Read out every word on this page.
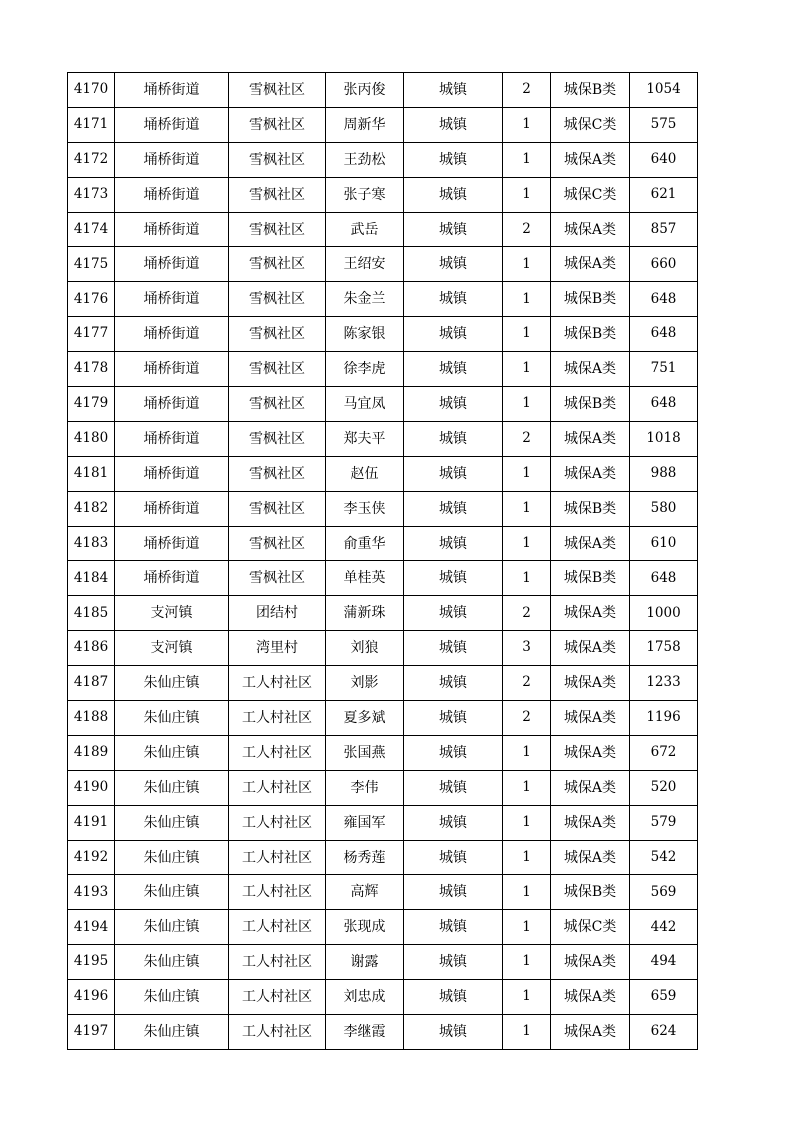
4170	埇桥街道	雪枫社区	张丙俊	城镇	2	城保B类	1054
4171	埇桥街道	雪枫社区	周新华	城镇	1	城保C类	575
4172	埇桥街道	雪枫社区	王劲松	城镇	1	城保A类	640
4173	埇桥街道	雪枫社区	张子寒	城镇	1	城保C类	621
4174	埇桥街道	雪枫社区	武岳	城镇	2	城保A类	857
4175	埇桥街道	雪枫社区	王绍安	城镇	1	城保A类	660
4176	埇桥街道	雪枫社区	朱金兰	城镇	1	城保B类	648
4177	埇桥街道	雪枫社区	陈家银	城镇	1	城保B类	648
4178	埇桥街道	雪枫社区	徐李虎	城镇	1	城保A类	751
4179	埇桥街道	雪枫社区	马宜凤	城镇	1	城保B类	648
4180	埇桥街道	雪枫社区	郑夫平	城镇	2	城保A类	1018
4181	埇桥街道	雪枫社区	赵伍	城镇	1	城保A类	988
4182	埇桥街道	雪枫社区	李玉侠	城镇	1	城保B类	580
4183	埇桥街道	雪枫社区	俞重华	城镇	1	城保A类	610
4184	埇桥街道	雪枫社区	单桂英	城镇	1	城保B类	648
4185	支河镇	团结村	蒲新珠	城镇	2	城保A类	1000
4186	支河镇	湾里村	刘狼	城镇	3	城保A类	1758
4187	朱仙庄镇	工人村社区	刘影	城镇	2	城保A类	1233
4188	朱仙庄镇	工人村社区	夏多斌	城镇	2	城保A类	1196
4189	朱仙庄镇	工人村社区	张国燕	城镇	1	城保A类	672
4190	朱仙庄镇	工人村社区	李伟	城镇	1	城保A类	520
4191	朱仙庄镇	工人村社区	雍国军	城镇	1	城保A类	579
4192	朱仙庄镇	工人村社区	杨秀莲	城镇	1	城保A类	542
4193	朱仙庄镇	工人村社区	高辉	城镇	1	城保B类	569
4194	朱仙庄镇	工人村社区	张现成	城镇	1	城保C类	442
4195	朱仙庄镇	工人村社区	谢露	城镇	1	城保A类	494
4196	朱仙庄镇	工人村社区	刘忠成	城镇	1	城保A类	659
4197	朱仙庄镇	工人村社区	李继霞	城镇	1	城保A类	624
